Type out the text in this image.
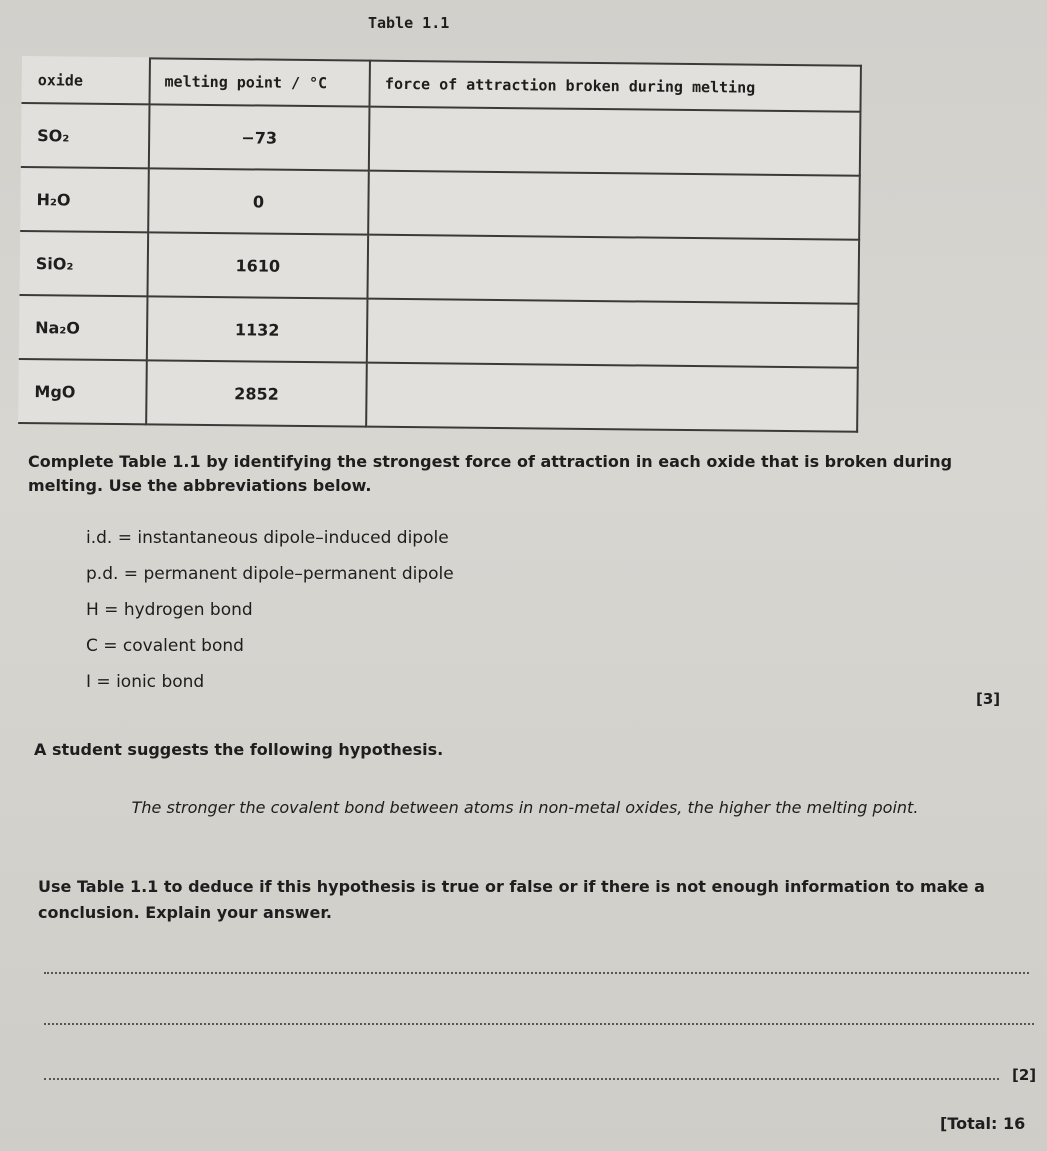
Table 1.1
oxide	melting point / °C	force of attraction broken during melting
SO₂	−73	
H₂O	0	
SiO₂	1610	
Na₂O	1132	
MgO	2852	
Complete Table 1.1 by identifying the strongest force of attraction in each oxide that is broken during melting. Use the abbreviations below.
i.d. = instantaneous dipole–induced dipole
p.d. = permanent dipole–permanent dipole
H = hydrogen bond
C = covalent bond
I = ionic bond
[3]
A student suggests the following hypothesis.
The stronger the covalent bond between atoms in non-metal oxides, the higher the melting point.
Use Table 1.1 to deduce if this hypothesis is true or false or if there is not enough information to make a conclusion. Explain your answer.
[2]
[Total: 16
